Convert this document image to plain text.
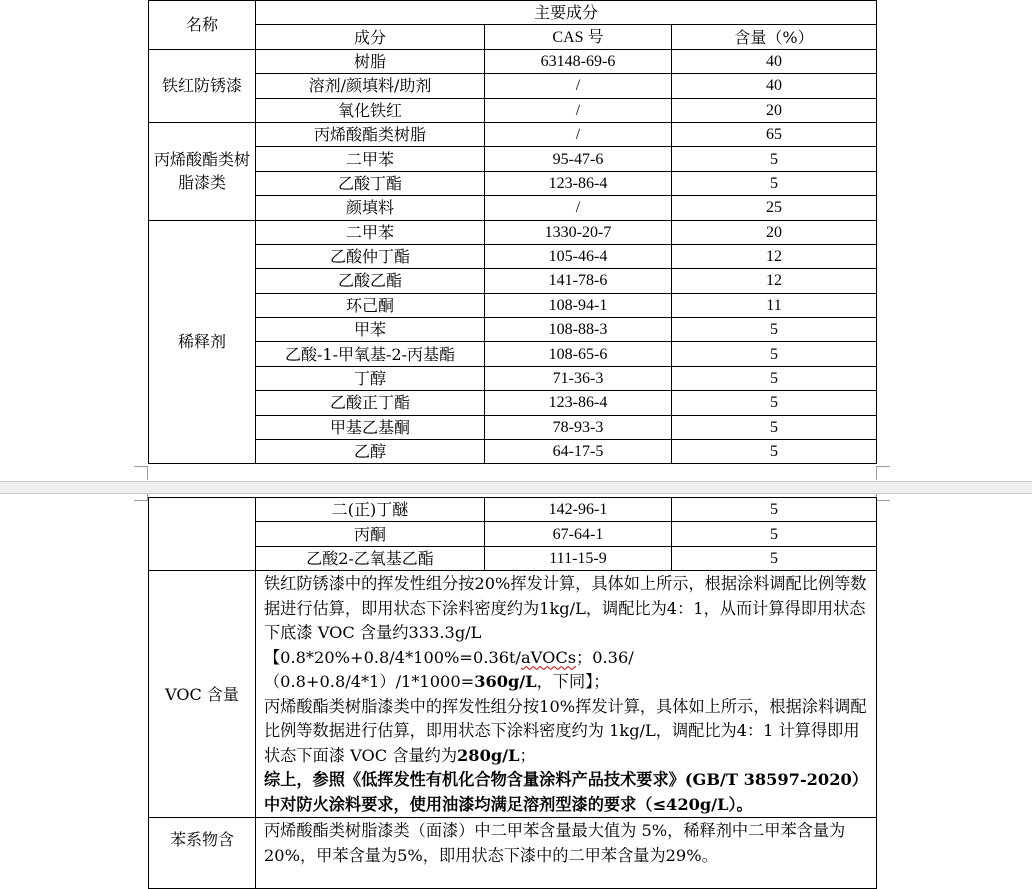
名称	主要成分		
	成分	CAS 号	含量（%）
铁红防锈漆	树脂	63148-69-6	40
	溶剂/颜填料/助剂	/	40
	氧化铁红	/	20
丙烯酸酯类树脂漆类	丙烯酸酯类树脂	/	65
	二甲苯	95-47-6	5
	乙酸丁酯	123-86-4	5
	颜填料	/	25
稀释剂	二甲苯	1330-20-7	20
	乙酸仲丁酯	105-46-4	12
	乙酸乙酯	141-78-6	12
	环己酮	108-94-1	11
	甲苯	108-88-3	5
	乙酸-1-甲氧基-2-丙基酯	108-65-6	5
	丁醇	71-36-3	5
	乙酸正丁酯	123-86-4	5
	甲基乙基酮	78-93-3	5
	乙醇	64-17-5	5
	二(正)丁醚	142-96-1	5
	丙酮	67-64-1	5
	乙酸2-乙氧基乙酯	111-15-9	5
VOC 含量	铁红防锈漆中的挥发性组分按20%挥发计算，具体如上所示，根据涂料调配比例等数据进行估算，即用状态下涂料密度约为1kg/L，调配比为4：1，从而计算得即用状态下底漆 VOC 含量约333.3g/L
【0.8*20%+0.8/4*100%=0.36t/aVOCs；0.36/（0.8+0.8/4*1）/1*1000=360g/L，下同】；
丙烯酸酯类树脂漆类中的挥发性组分按10%挥发计算，具体如上所示，根据涂料调配比例等数据进行估算，即用状态下涂料密度约为 1kg/L，调配比为4：1 计算得即用状态下面漆 VOC 含量约为280g/L；
综上，参照《低挥发性有机化合物含量涂料产品技术要求》(GB/T 38597-2020）中对防火涂料要求，使用油漆均满足溶剂型漆的要求（≤420g/L）。		

苯系物含	丙烯酸酯类树脂漆类（面漆）中二甲苯含量最大值为 5%，稀释剂中二甲苯含量为20%，甲苯含量为5%，即用状态下漆中的二甲苯含量为29%。		
